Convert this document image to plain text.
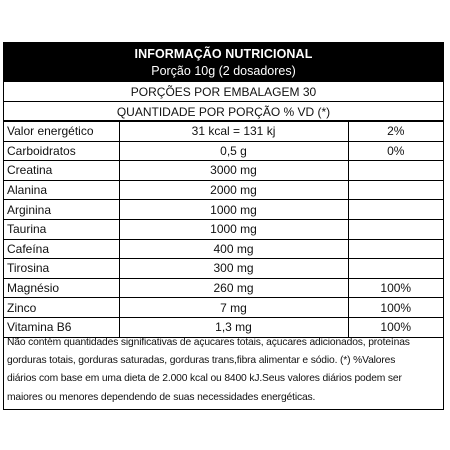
INFORMAÇÃO NUTRICIONAL
Porção 10g (2 dosadores)
PORÇÕES POR EMBALAGEM 30
QUANTIDADE POR PORÇÃO % VD (*)
Valor energético	31 kcal = 131 kj	2%
Carboidratos	0,5 g	0%
Creatina	3000 mg	
Alanina	2000 mg	
Arginina	1000 mg	
Taurina	1000 mg	
Cafeína	400 mg	
Tirosina	300 mg	
Magnésio	260 mg	100%
Zinco	7 mg	100%
Vitamina B6	1,3 mg	100%
Não contém quantidades significativas de açucares totais, açucares adicionados, proteínas
gorduras totais, gorduras saturadas, gorduras trans,fibra alimentar e sódio. (*) %Valores
diários com base em uma dieta de 2.000 kcal ou 8400 kJ.Seus valores diários podem ser
maiores ou menores dependendo de suas necessidades energéticas.
